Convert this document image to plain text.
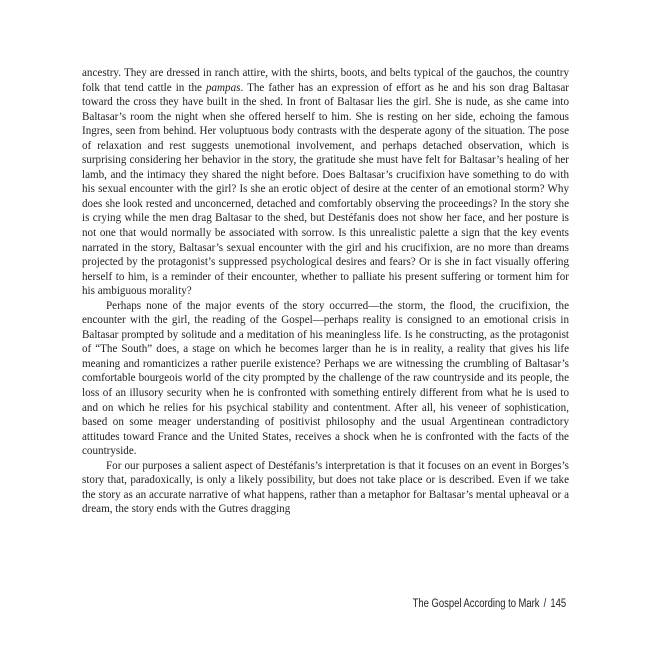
ancestry. They are dressed in ranch attire, with the shirts, boots, and belts typical of the gauchos, the country folk that tend cattle in the pampas. The father has an expression of effort as he and his son drag Baltasar toward the cross they have built in the shed. In front of Baltasar lies the girl. She is nude, as she came into Baltasar’s room the night when she offered herself to him. She is resting on her side, echoing the famous Ingres, seen from behind. Her voluptuous body contrasts with the desperate agony of the situation. The pose of relaxation and rest suggests unemotional involvement, and perhaps detached observation, which is surprising considering her behavior in the story, the gratitude she must have felt for Baltasar’s healing of her lamb, and the intimacy they shared the night before. Does Baltasar’s crucifixion have something to do with his sexual encounter with the girl? Is she an erotic object of desire at the center of an emotional storm? Why does she look rested and unconcerned, detached and comfortably observing the proceedings? In the story she is crying while the men drag Baltasar to the shed, but Destéfanis does not show her face, and her posture is not one that would normally be associated with sorrow. Is this unrealistic palette a sign that the key events narrated in the story, Baltasar’s sexual encounter with the girl and his crucifixion, are no more than dreams projected by the protagonist’s suppressed psychological desires and fears? Or is she in fact visually offering herself to him, is a reminder of their encounter, whether to palliate his present suffering or torment him for his ambiguous morality?

Perhaps none of the major events of the story occurred—the storm, the flood, the crucifixion, the encounter with the girl, the reading of the Gospel—perhaps reality is consigned to an emotional crisis in Baltasar prompted by solitude and a meditation of his meaningless life. Is he constructing, as the protagonist of “The South” does, a stage on which he becomes larger than he is in reality, a reality that gives his life meaning and romanticizes a rather puerile existence? Perhaps we are witnessing the crumbling of Baltasar’s comfortable bourgeois world of the city prompted by the challenge of the raw countryside and its people, the loss of an illusory security when he is confronted with something entirely different from what he is used to and on which he relies for his psychical stability and contentment. After all, his veneer of sophistication, based on some meager understanding of positivist philosophy and the usual Argentinean contradictory attitudes toward France and the United States, receives a shock when he is confronted with the facts of the countryside.

For our purposes a salient aspect of Destéfanis’s interpretation is that it focuses on an event in Borges’s story that, paradoxically, is only a likely possibility, but does not take place or is described. Even if we take the story as an accurate narrative of what happens, rather than a metaphor for Baltasar’s mental upheaval or a dream, the story ends with the Gutres dragging

The Gospel According to Mark / 145
